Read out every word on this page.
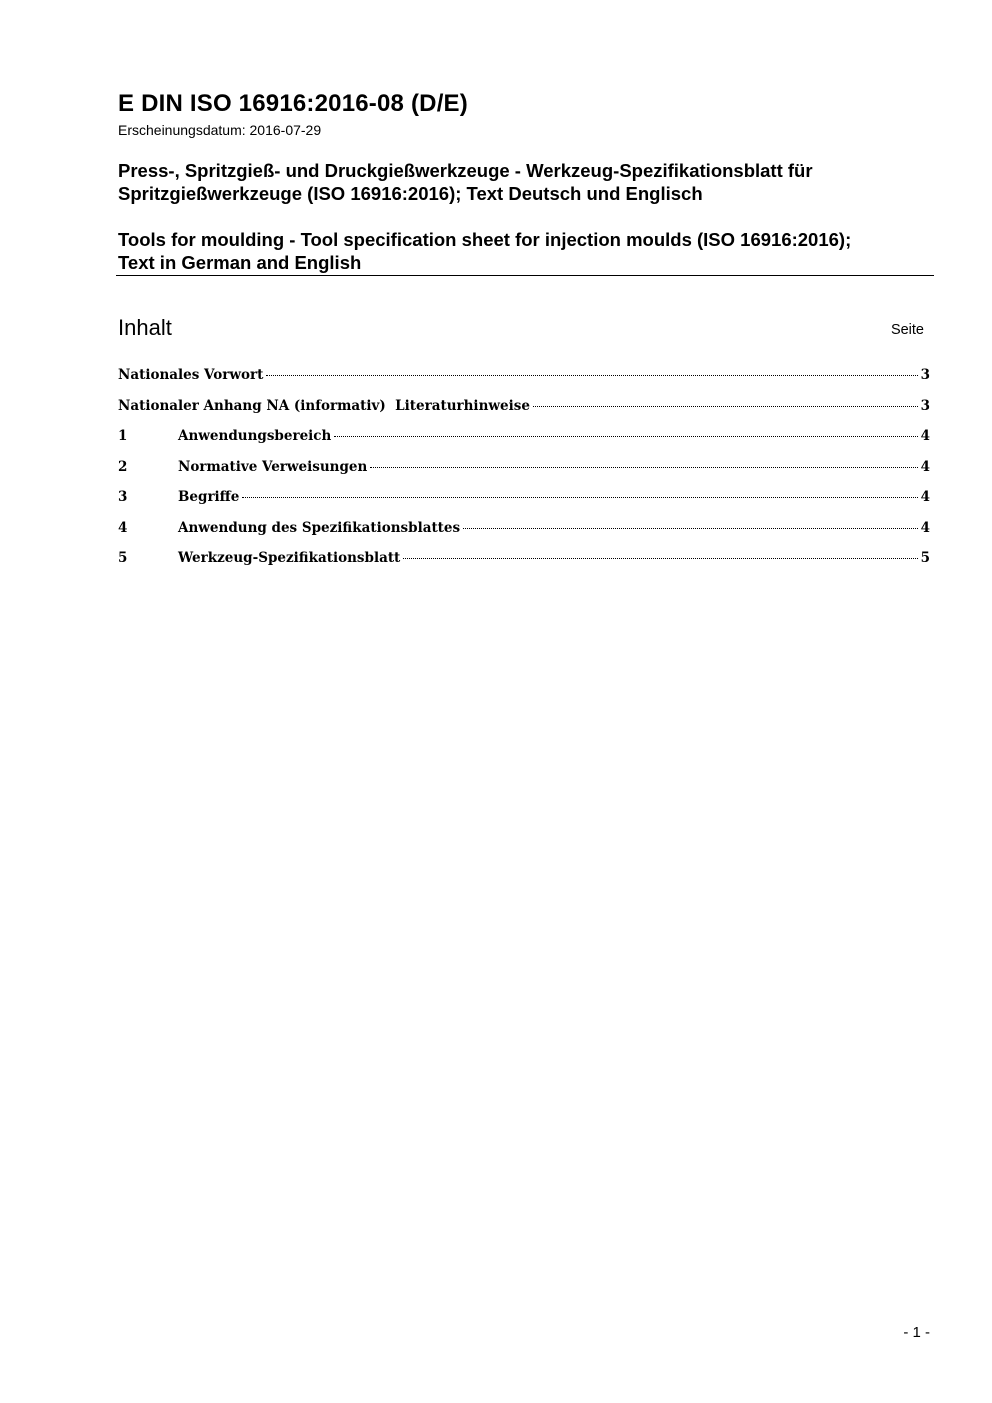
E DIN ISO 16916:2016-08 (D/E)
Erscheinungsdatum: 2016-07-29
Press-, Spritzgieß- und Druckgießwerkzeuge - Werkzeug-Spezifikationsblatt für
Spritzgießwerkzeuge (ISO 16916:2016); Text Deutsch und Englisch
Tools for moulding - Tool specification sheet for injection moulds (ISO 16916:2016);
Text in German and English
Inhalt	Seite
Nationales Vorwort	3
Nationaler Anhang NA (informativ)  Literaturhinweise	3
1	Anwendungsbereich	4
2	Normative Verweisungen	4
3	Begriffe	4
4	Anwendung des Spezifikationsblattes	4
5	Werkzeug-Spezifikationsblatt	5
- 1 -
